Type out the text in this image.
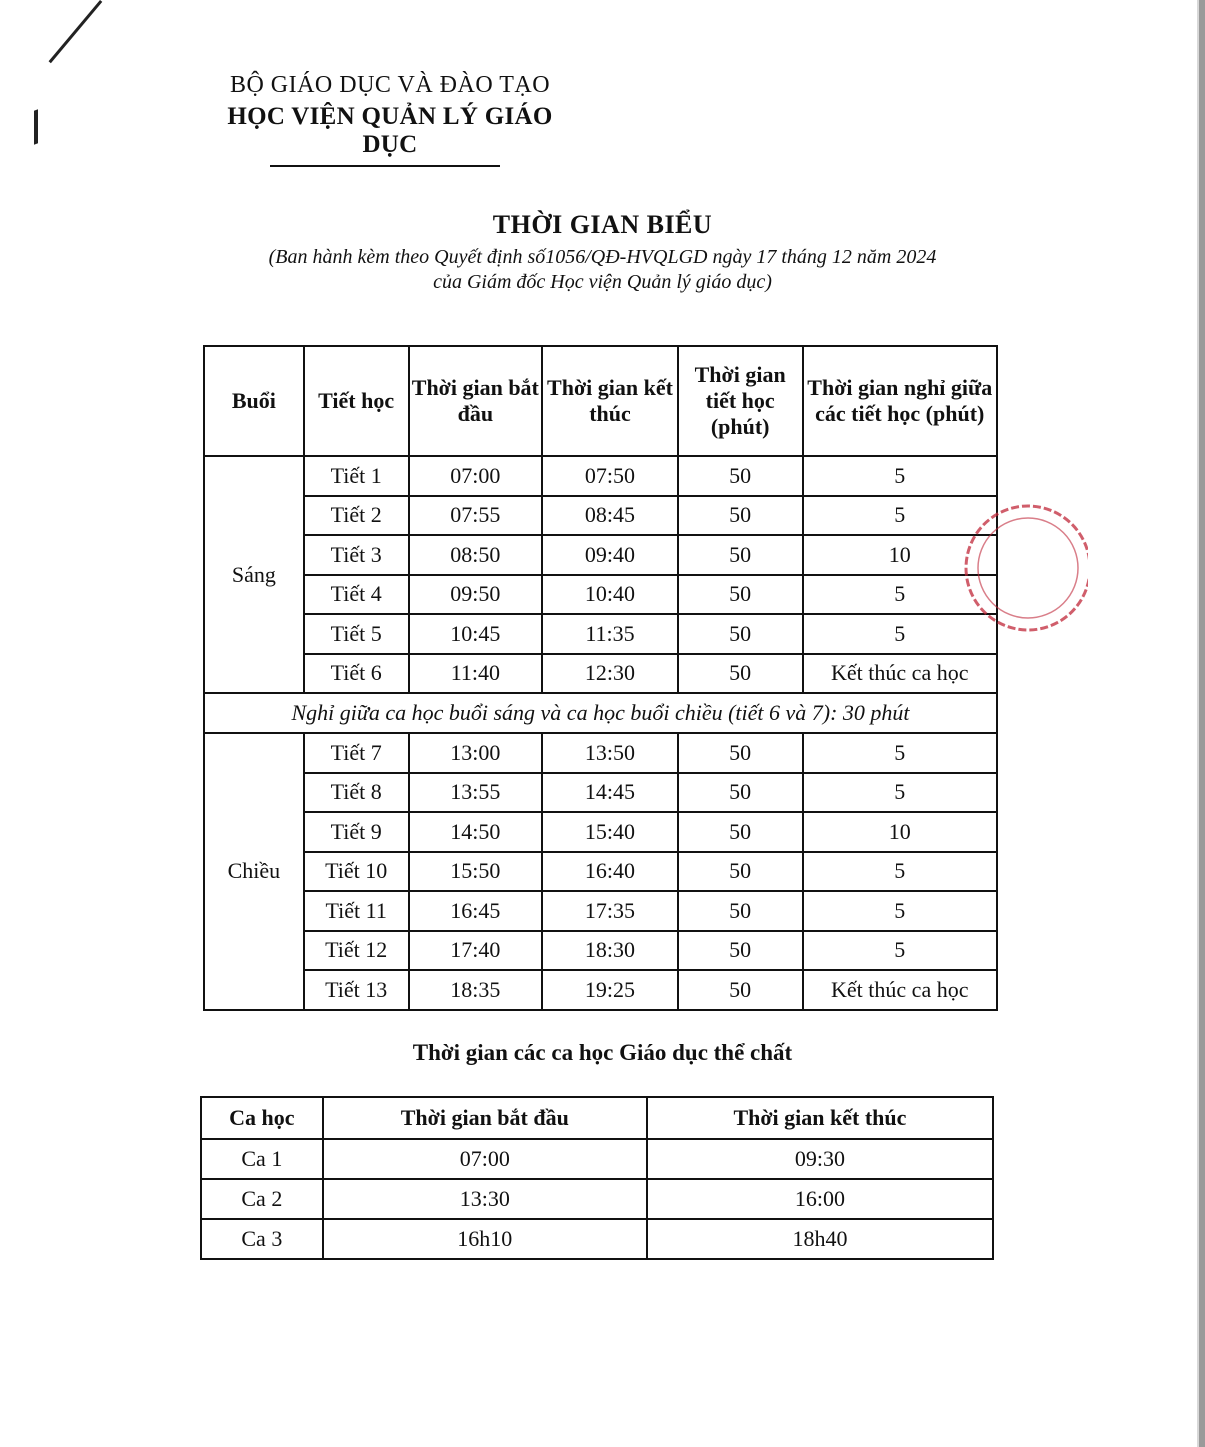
BỘ GIÁO DỤC VÀ ĐÀO TẠO
HỌC VIỆN QUẢN LÝ GIÁO DỤC
THỜI GIAN BIỂU
(Ban hành kèm theo Quyết định số1056/QĐ-HVQLGD ngày 17 tháng 12 năm 2024
của Giám đốc Học viện Quản lý giáo dục)
Buổi	Tiết học	Thời gian bắt đầu	Thời gian kết thúc	Thời gian tiết học (phút)	Thời gian nghỉ giữa các tiết học (phút)
Sáng	Tiết 1	07:00	07:50	50	5
	Tiết 2	07:55	08:45	50	5
	Tiết 3	08:50	09:40	50	10
	Tiết 4	09:50	10:40	50	5
	Tiết 5	10:45	11:35	50	5
	Tiết 6	11:40	12:30	50	Kết thúc ca học
Nghỉ giữa ca học buổi sáng và ca học buổi chiều (tiết 6 và 7): 30 phút					
Chiều	Tiết 7	13:00	13:50	50	5
	Tiết 8	13:55	14:45	50	5
	Tiết 9	14:50	15:40	50	10
	Tiết 10	15:50	16:40	50	5
	Tiết 11	16:45	17:35	50	5
	Tiết 12	17:40	18:30	50	5
	Tiết 13	18:35	19:25	50	Kết thúc ca học
Thời gian các ca học Giáo dục thể chất
Ca học	Thời gian bắt đầu	Thời gian kết thúc
Ca 1	07:00	09:30
Ca 2	13:30	16:00
Ca 3	16h10	18h40
